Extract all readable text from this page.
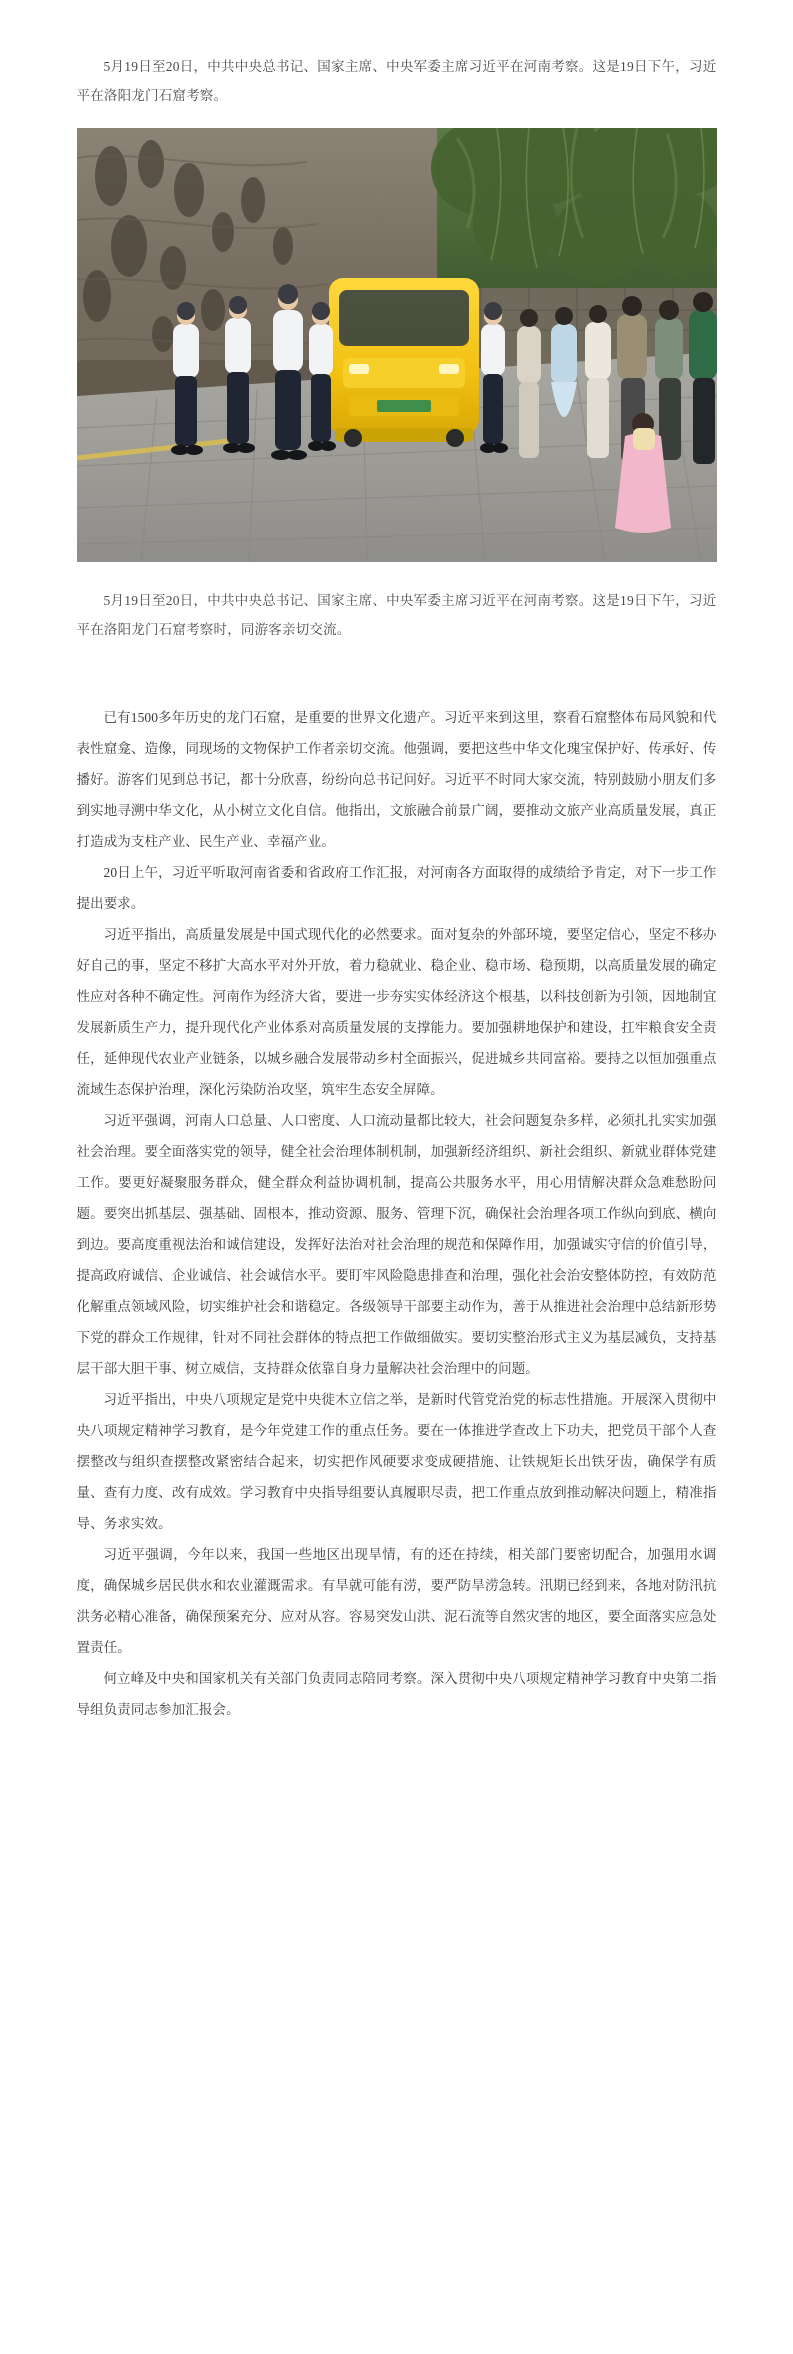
5月19日至20日，中共中央总书记、国家主席、中央军委主席习近平在河南考察。这是19日下午，习近平在洛阳龙门石窟考察。

5月19日至20日，中共中央总书记、国家主席、中央军委主席习近平在河南考察。这是19日下午，习近平在洛阳龙门石窟考察时，同游客亲切交流。

已有1500多年历史的龙门石窟，是重要的世界文化遗产。习近平来到这里，察看石窟整体布局风貌和代表性窟龛、造像，同现场的文物保护工作者亲切交流。他强调，要把这些中华文化瑰宝保护好、传承好、传播好。游客们见到总书记，都十分欣喜，纷纷向总书记问好。习近平不时同大家交流，特别鼓励小朋友们多到实地寻溯中华文化，从小树立文化自信。他指出，文旅融合前景广阔，要推动文旅产业高质量发展，真正打造成为支柱产业、民生产业、幸福产业。

20日上午，习近平听取河南省委和省政府工作汇报，对河南各方面取得的成绩给予肯定，对下一步工作提出要求。

习近平指出，高质量发展是中国式现代化的必然要求。面对复杂的外部环境，要坚定信心，坚定不移办好自己的事，坚定不移扩大高水平对外开放，着力稳就业、稳企业、稳市场、稳预期，以高质量发展的确定性应对各种不确定性。河南作为经济大省，要进一步夯实实体经济这个根基，以科技创新为引领，因地制宜发展新质生产力，提升现代化产业体系对高质量发展的支撑能力。要加强耕地保护和建设，扛牢粮食安全责任，延伸现代农业产业链条，以城乡融合发展带动乡村全面振兴，促进城乡共同富裕。要持之以恒加强重点流域生态保护治理，深化污染防治攻坚，筑牢生态安全屏障。

习近平强调，河南人口总量、人口密度、人口流动量都比较大，社会问题复杂多样，必须扎扎实实加强社会治理。要全面落实党的领导，健全社会治理体制机制，加强新经济组织、新社会组织、新就业群体党建工作。要更好凝聚服务群众，健全群众利益协调机制，提高公共服务水平，用心用情解决群众急难愁盼问题。要突出抓基层、强基础、固根本，推动资源、服务、管理下沉，确保社会治理各项工作纵向到底、横向到边。要高度重视法治和诚信建设，发挥好法治对社会治理的规范和保障作用，加强诚实守信的价值引导，提高政府诚信、企业诚信、社会诚信水平。要盯牢风险隐患排查和治理，强化社会治安整体防控，有效防范化解重点领域风险，切实维护社会和谐稳定。各级领导干部要主动作为，善于从推进社会治理中总结新形势下党的群众工作规律，针对不同社会群体的特点把工作做细做实。要切实整治形式主义为基层减负，支持基层干部大胆干事、树立威信，支持群众依靠自身力量解决社会治理中的问题。

习近平指出，中央八项规定是党中央徙木立信之举，是新时代管党治党的标志性措施。开展深入贯彻中央八项规定精神学习教育，是今年党建工作的重点任务。要在一体推进学查改上下功夫，把党员干部个人查摆整改与组织查摆整改紧密结合起来，切实把作风硬要求变成硬措施、让铁规矩长出铁牙齿，确保学有质量、查有力度、改有成效。学习教育中央指导组要认真履职尽责，把工作重点放到推动解决问题上，精准指导、务求实效。

习近平强调，今年以来，我国一些地区出现旱情，有的还在持续，相关部门要密切配合，加强用水调度，确保城乡居民供水和农业灌溉需求。有旱就可能有涝，要严防旱涝急转。汛期已经到来，各地对防汛抗洪务必精心准备，确保预案充分、应对从容。容易突发山洪、泥石流等自然灾害的地区，要全面落实应急处置责任。

何立峰及中央和国家机关有关部门负责同志陪同考察。深入贯彻中央八项规定精神学习教育中央第二指导组负责同志参加汇报会。
